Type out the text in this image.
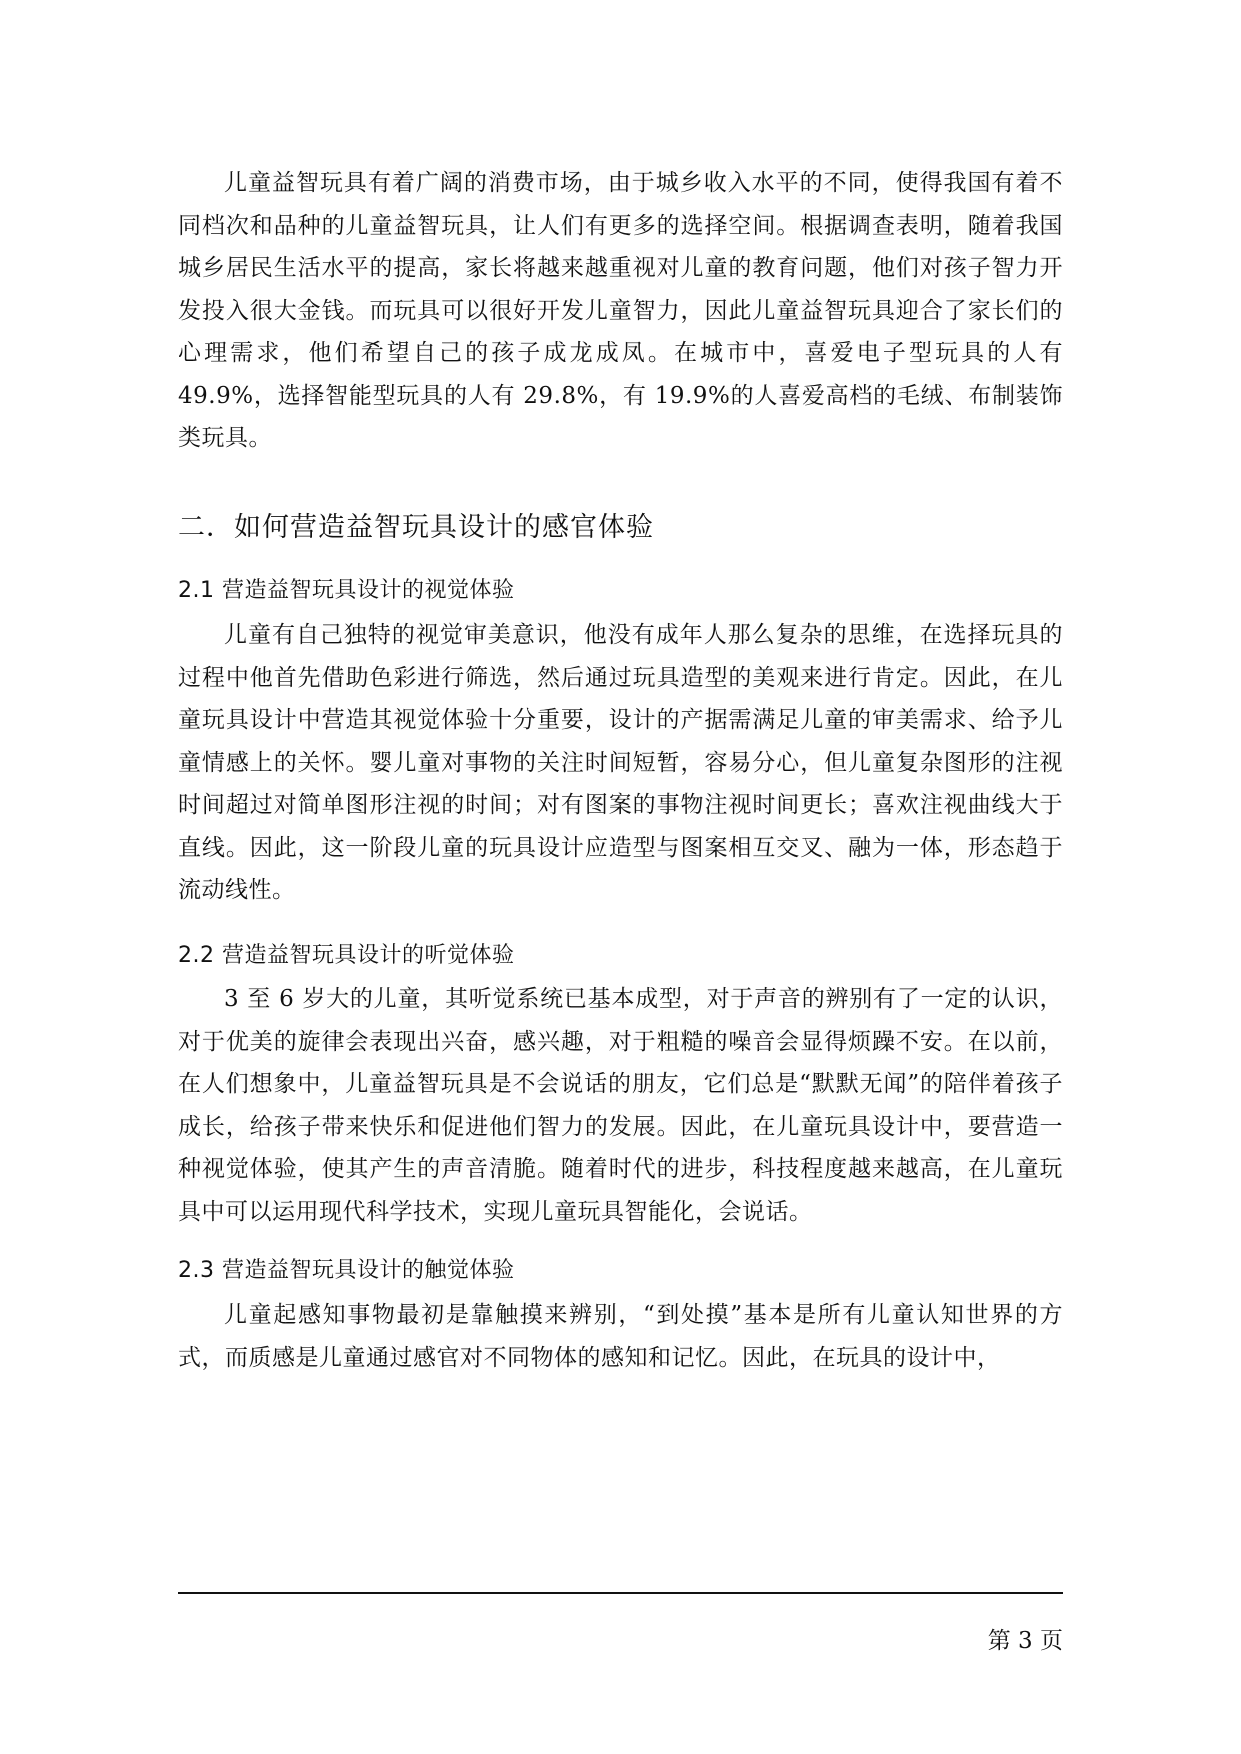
儿童益智玩具有着广阔的消费市场，由于城乡收入水平的不同，使得我国有着不同档次和品种的儿童益智玩具，让人们有更多的选择空间。根据调查表明，随着我国城乡居民生活水平的提高，家长将越来越重视对儿童的教育问题，他们对孩子智力开发投入很大金钱。而玩具可以很好开发儿童智力，因此儿童益智玩具迎合了家长们的心理需求，他们希望自己的孩子成龙成凤。在城市中，喜爱电子型玩具的人有 49.9%，选择智能型玩具的人有 29.8%，有 19.9%的人喜爱高档的毛绒、布制装饰类玩具。

二．如何营造益智玩具设计的感官体验
2.1 营造益智玩具设计的视觉体验

儿童有自己独特的视觉审美意识，他没有成年人那么复杂的思维，在选择玩具的过程中他首先借助色彩进行筛选，然后通过玩具造型的美观来进行肯定。因此，在儿童玩具设计中营造其视觉体验十分重要，设计的产据需满足儿童的审美需求、给予儿童情感上的关怀。婴儿童对事物的关注时间短暂，容易分心，但儿童复杂图形的注视时间超过对简单图形注视的时间；对有图案的事物注视时间更长；喜欢注视曲线大于直线。因此，这一阶段儿童的玩具设计应造型与图案相互交叉、融为一体，形态趋于流动线性。

2.2 营造益智玩具设计的听觉体验

3 至 6 岁大的儿童，其听觉系统已基本成型，对于声音的辨别有了一定的认识，对于优美的旋律会表现出兴奋，感兴趣，对于粗糙的噪音会显得烦躁不安。在以前，在人们想象中，儿童益智玩具是不会说话的朋友，它们总是“默默无闻”的陪伴着孩子成长，给孩子带来快乐和促进他们智力的发展。因此，在儿童玩具设计中，要营造一种视觉体验，使其产生的声音清脆。随着时代的进步，科技程度越来越高，在儿童玩具中可以运用现代科学技术，实现儿童玩具智能化，会说话。

2.3 营造益智玩具设计的触觉体验

儿童起感知事物最初是靠触摸来辨别，“到处摸”基本是所有儿童认知世界的方式，而质感是儿童通过感官对不同物体的感知和记忆。因此，在玩具的设计中，

第 3 页
